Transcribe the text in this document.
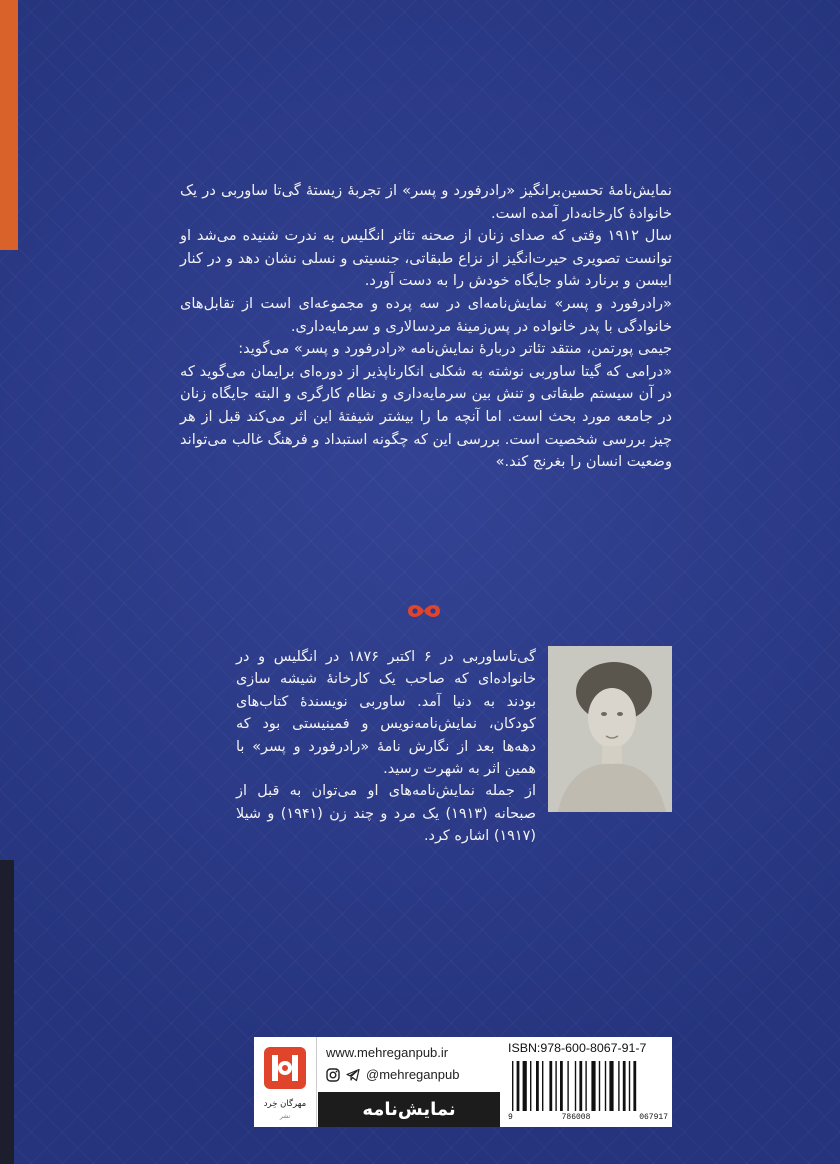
نمایش‌نامهٔ تحسین‌برانگیز «رادرفورد و پسر» از تجربهٔ زیستهٔ گی‌تا ساوربی در یک خانوادهٔ کارخانه‌دار آمده است.

سال ۱۹۱۲ وقتی که صدای زنان از صحنه تئاتر انگلیس به ندرت شنیده می‌شد او توانست تصویری حیرت‌انگیز از نزاع طبقاتی، جنسیتی و نسلی نشان دهد و در کنار ایبسن و برنارد شاو جایگاه خودش را به دست آورد.

«رادرفورد و پسر» نمایش‌نامه‌ای در سه پرده و مجموعه‌ای است از تقابل‌های خانوادگی با پدر خانواده در پس‌زمینهٔ مردسالاری و سرمایه‌داری.

جیمی پورتمن، منتقد تئاتر دربارهٔ نمایش‌نامه «رادرفورد و پسر» می‌گوید:

«درامی که گیتا ساوربی نوشته به شکلی انکارناپذیر از دوره‌ای برایمان می‌گوید که در آن سیستم طبقاتی و تنش بین سرمایه‌داری و نظام کارگری و البته جایگاه زنان در جامعه مورد بحث است. اما آنچه ما را بیشتر شیفتهٔ این اثر می‌کند قبل از هر چیز بررسی شخصیت است. بررسی این که چگونه استبداد و فرهنگ غالب می‌تواند وضعیت انسان را بغرنج کند.»

گی‌تاساوربی در ۶ اکتبر ۱۸۷۶ در انگلیس و در خانواده‌ای که صاحب یک کارخانهٔ شیشه سازی بودند به دنیا آمد. ساوربی نویسندهٔ کتاب‌های کودکان، نمایش‌نامه‌نویس و فمینیستی بود که دهه‌ها بعد از نگارش نامهٔ «رادرفورد و پسر» با همین اثر به شهرت رسید.

از جمله نمایش‌نامه‌های او می‌توان به قبل از صبحانه (۱۹۱۳) یک مرد و چند زن (۱۹۴۱) و شیلا (۱۹۱۷) اشاره کرد.

مهرگان خِرد
نشر
www.mehreganpub.ir
@mehreganpub
نمایش‌نامه
ISBN:978-600-8067-91-7
9	786008	067917
